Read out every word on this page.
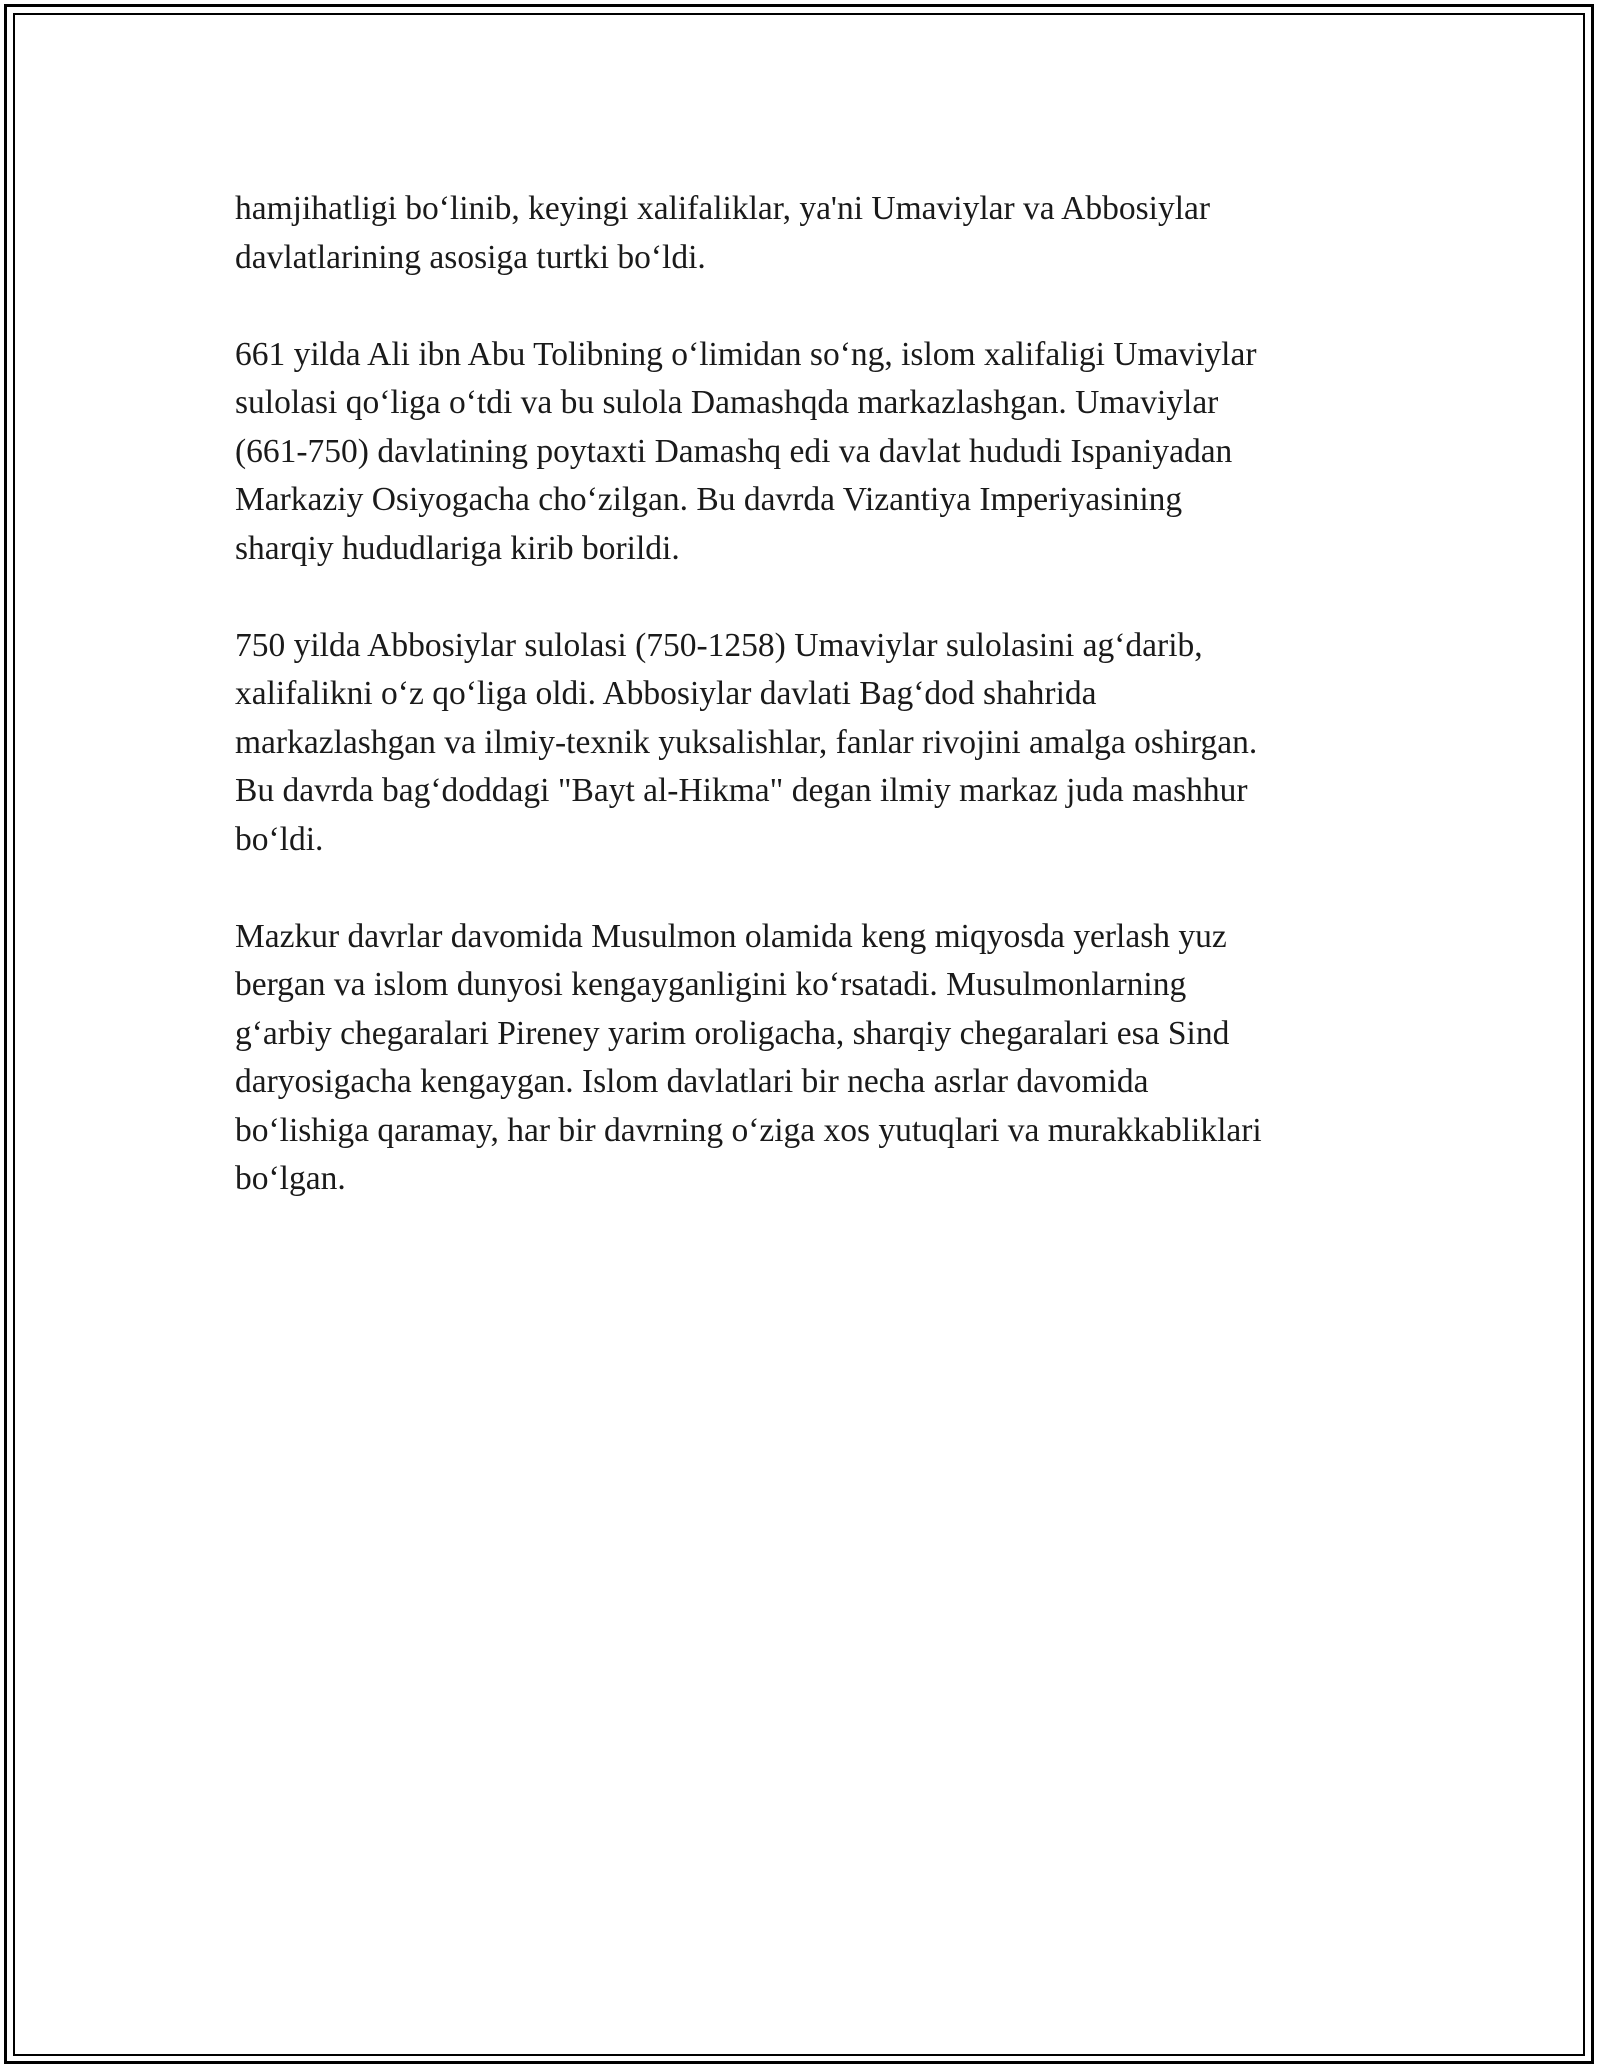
hamjihatligi bo‘linib, keyingi xalifaliklar, ya'ni Umaviylar va Abbosiylar
davlatlarining asosiga turtki bo‘ldi.

661 yilda Ali ibn Abu Tolibning o‘limidan so‘ng, islom xalifaligi Umaviylar
sulolasi qo‘liga o‘tdi va bu sulola Damashqda markazlashgan. Umaviylar
(661-750) davlatining poytaxti Damashq edi va davlat hududi Ispaniyadan
Markaziy Osiyogacha cho‘zilgan. Bu davrda Vizantiya Imperiyasining
sharqiy hududlariga kirib borildi.

750 yilda Abbosiylar sulolasi (750-1258) Umaviylar sulolasini ag‘darib,
xalifalikni o‘z qo‘liga oldi. Abbosiylar davlati Bag‘dod shahrida
markazlashgan va ilmiy-texnik yuksalishlar, fanlar rivojini amalga oshirgan.
Bu davrda bag‘doddagi "Bayt al-Hikma" degan ilmiy markaz juda mashhur
bo‘ldi.

Mazkur davrlar davomida Musulmon olamida keng miqyosda yerlash yuz
bergan va islom dunyosi kengayganligini ko‘rsatadi. Musulmonlarning
g‘arbiy chegaralari Pireney yarim oroligacha, sharqiy chegaralari esa Sind
daryosigacha kengaygan. Islom davlatlari bir necha asrlar davomida
bo‘lishiga qaramay, har bir davrning o‘ziga xos yutuqlari va murakkabliklari
bo‘lgan.
